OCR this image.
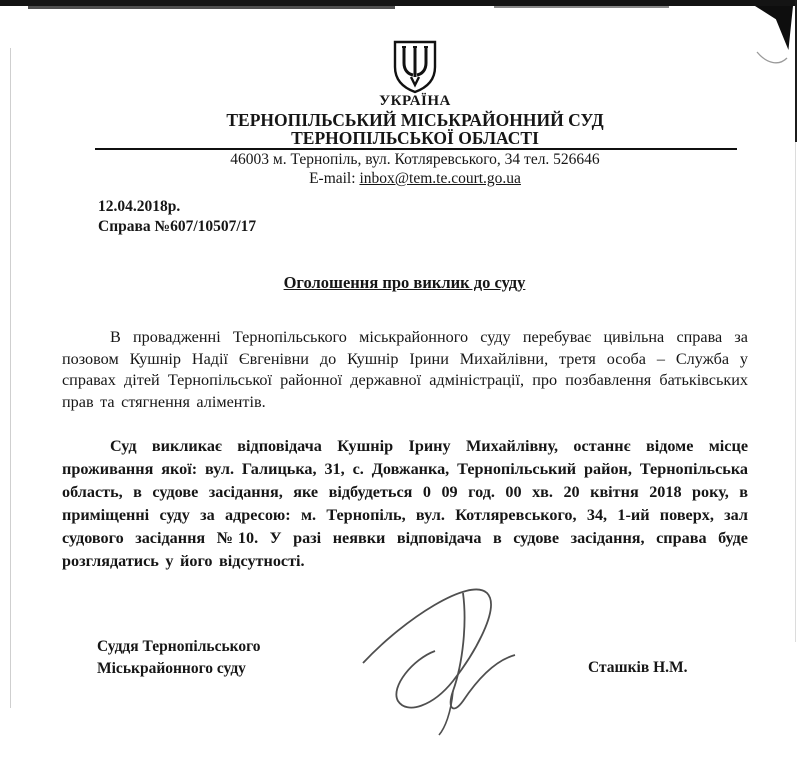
УКРАЇНА
ТЕРНОПІЛЬСЬКИЙ МІСЬКРАЙОННИЙ СУД
ТЕРНОПІЛЬСЬКОЇ ОБЛАСТІ
46003 м. Тернопіль, вул. Котляревського, 34 тел. 526646
E-mail: inbox@tem.te.court.go.ua
12.04.2018р.
Справа №607/10507/17
Оголошення про виклик до суду
В провадженні Тернопільського міськрайонного суду перебуває цивільна справа за позовом Кушнір Надії Євгенівни до Кушнір Ірини Михайлівни, третя особа – Служба у справах дітей Тернопільської районної державної адміністрації, про позбавлення батьківських прав та стягнення аліментів.
Суд викликає відповідача Кушнір Ірину Михайлівну, останнє відоме місце проживання якої: вул. Галицька, 31, с. Довжанка, Тернопільський район, Тернопільська область, в судове засідання, яке відбудеться 0 09 год. 00 хв. 20 квітня 2018 року, в приміщенні суду за адресою: м. Тернопіль, вул. Котляревського, 34, 1-ий поверх, зал судового засідання №10. У разі неявки відповідача в судове засідання, справа буде розглядатись у його відсутності.
Суддя Тернопільського
Міськрайонного суду	Сташків Н.М.
